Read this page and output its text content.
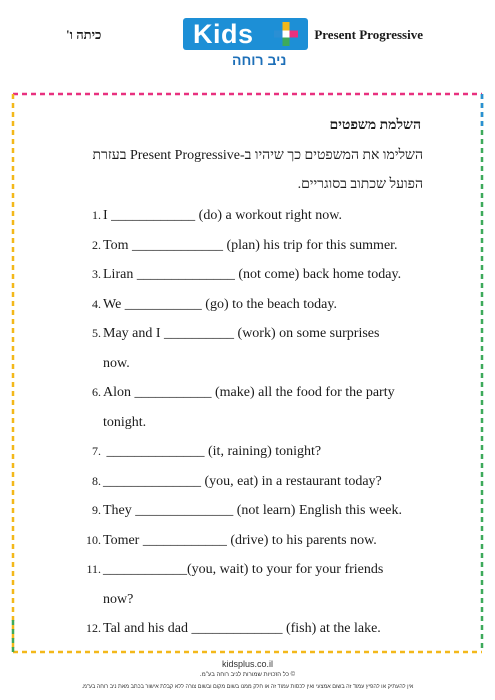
כיתה ו'	Kids
ניב רוחה
Present Progressive
השלמת משפטים
השלימו את המשפטים כך שיהיו ב-Present Progressive בעזרת
הפועל שכתוב בסוגריים.
1. I ____________ (do) a workout right now.
2. Tom _____________ (plan) his trip for this summer.
3. Liran ______________ (not come) back home today.
4. We ___________ (go) to the beach today.
5. May and I __________ (work) on some surprises
now.
6. Alon ___________ (make) all the food for the party
tonight.
7. ______________ (it, raining) tonight?
8. ______________ (you, eat) in a restaurant today?
9. They ______________ (not learn) English this week.
10. Tomer ____________ (drive) to his parents now.
11. ____________(you, wait) to your for your friends
now?
12. Tal and his dad _____________ (fish) at the lake.
kidsplus.co.il
© כל הזכויות שמורות לניב רוחה בע"מ.
אין להעתיק או להפיץ עמוד זה בשום אמצעי ואין לכסות עמוד זה או חלק ממנו בשום מקום ובשום צורה ללא קבלת אישור בכתב מאת ניב רוחה בע"מ.
